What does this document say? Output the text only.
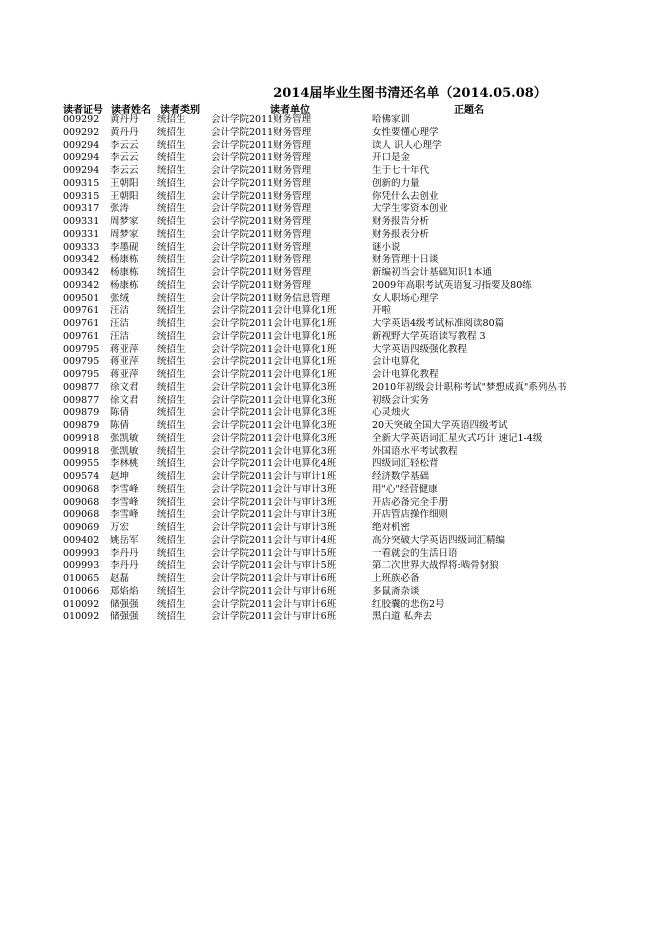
2014届毕业生图书清还名单（2014.05.08）
读者证号 读者姓名 读者类别	读者单位	正题名
009292	黄丹丹	统招生	会计学院2011财务管理	哈佛家训
009292	黄丹丹	统招生	会计学院2011财务管理	女性要懂心理学
009294	李云云	统招生	会计学院2011财务管理	读人 识人心理学
009294	李云云	统招生	会计学院2011财务管理	开口是金
009294	李云云	统招生	会计学院2011财务管理	生于七十年代
009315	王朝阳	统招生	会计学院2011财务管理	创新的力量
009315	王朝阳	统招生	会计学院2011财务管理	你凭什么去创业
009317	张涛	统招生	会计学院2011财务管理	大学生零资本创业
009331	周梦家	统招生	会计学院2011财务管理	财务报告分析
009331	周梦家	统招生	会计学院2011财务管理	财务报表分析
009333	李墨砚	统招生	会计学院2011财务管理	谜小说
009342	杨康栋	统招生	会计学院2011财务管理	财务管理十日谈
009342	杨康栋	统招生	会计学院2011财务管理	新编初当会计基础知识1本通
009342	杨康栋	统招生	会计学院2011财务管理	2009年高职考试英语复习指要及80练
009501	张绒	统招生	会计学院2011财务信息管理	女人职场心理学
009761	汪洁	统招生	会计学院2011会计电算化1班	开啦
009761	汪洁	统招生	会计学院2011会计电算化1班	大学英语4级考试标准阅读80篇
009761	汪洁	统招生	会计学院2011会计电算化1班	新视野大学英语读写教程 3
009795	蒋亚萍	统招生	会计学院2011会计电算化1班	大学英语四级强化教程
009795	蒋亚萍	统招生	会计学院2011会计电算化1班	会计电算化
009795	蒋亚萍	统招生	会计学院2011会计电算化1班	会计电算化教程
009877	徐文君	统招生	会计学院2011会计电算化3班	2010年初级会计职称考试"梦想成真"系列丛书
009877	徐文君	统招生	会计学院2011会计电算化3班	初级会计实务
009879	陈倩	统招生	会计学院2011会计电算化3班	心灵烛火
009879	陈倩	统招生	会计学院2011会计电算化3班	20天突破全国大学英语四级考试
009918	张凯敏	统招生	会计学院2011会计电算化3班	全新大学英语词汇星火式巧计 速记1-4级
009918	张凯敏	统招生	会计学院2011会计电算化3班	外国语水平考试教程
009955	李林桃	统招生	会计学院2011会计电算化4班	四级词汇轻松背
009574	赵坤	统招生	会计学院2011会计与审计1班	经济数学基础
009068	李雪峰	统招生	会计学院2011会计与审计3班	用"心"经营健康
009068	李雪峰	统招生	会计学院2011会计与审计3班	开店必备完全手册
009068	李雪峰	统招生	会计学院2011会计与审计3班	开店管店操作细则
009069	万宏	统招生	会计学院2011会计与审计3班	绝对机密
009402	姚岳军	统招生	会计学院2011会计与审计4班	高分突破大学英语四级词汇精编
009993	李丹丹	统招生	会计学院2011会计与审计5班	一看就会的生活日语
009993	李丹丹	统招生	会计学院2011会计与审计5班	第二次世界大战悍将:啮骨豺狼
010065	赵磊	统招生	会计学院2011会计与审计6班	上班族必备
010066	郑焰焰	统招生	会计学院2011会计与审计6班	多鼠斋杂谈
010092	储强强	统招生	会计学院2011会计与审计6班	红胶囊的悲伤2号
010092	储强强	统招生	会计学院2011会计与审计6班	黑白道 私奔去
